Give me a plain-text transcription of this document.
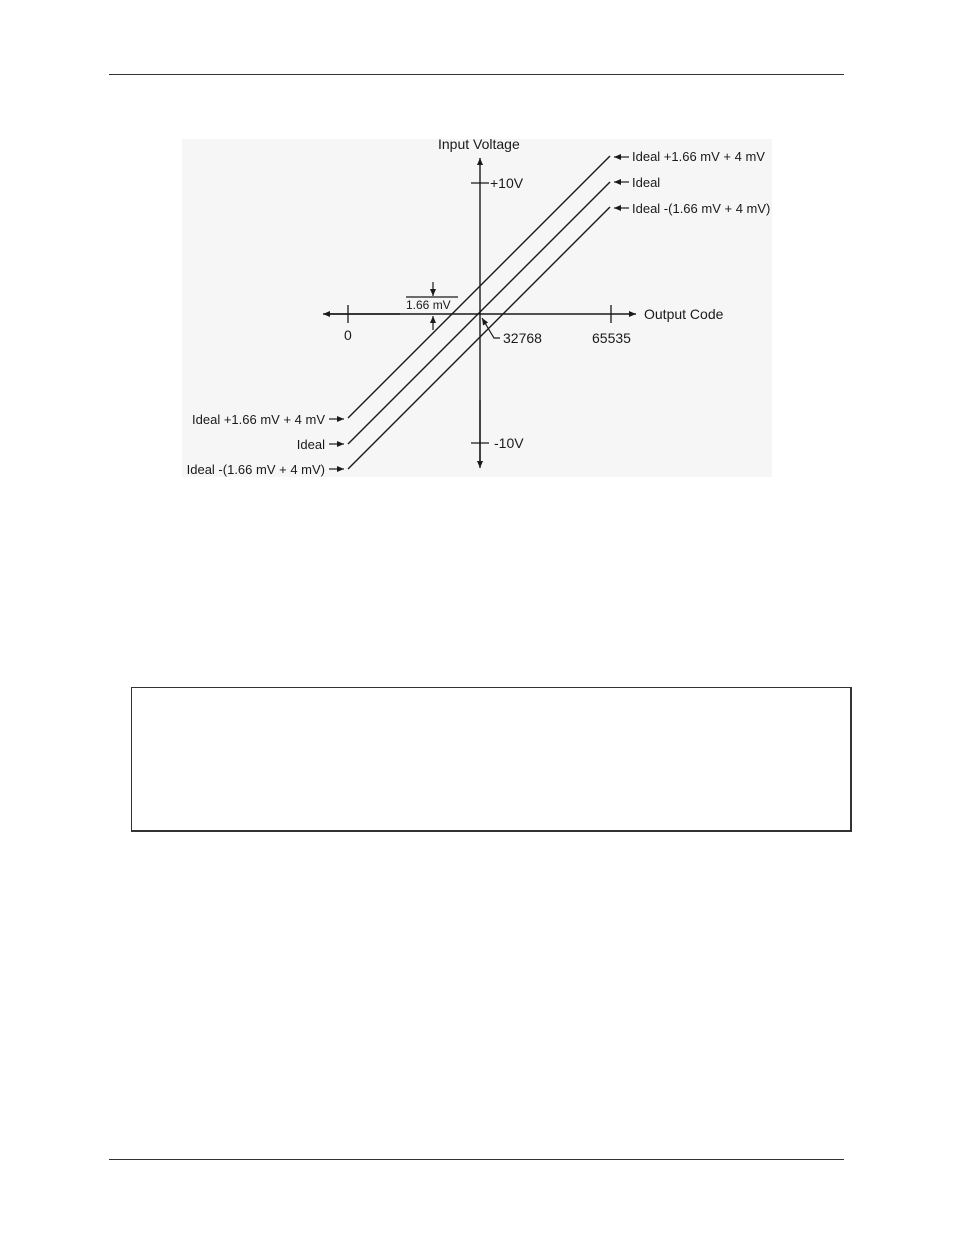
Input Voltage
Output Code
+10V
-10V
0	32768	65535
1.66 mV
Ideal +1.66 mV + 4 mV
Ideal
Ideal -(1.66 mV + 4 mV)
Ideal +1.66 mV + 4 mV
Ideal
Ideal -(1.66 mV + 4 mV)
